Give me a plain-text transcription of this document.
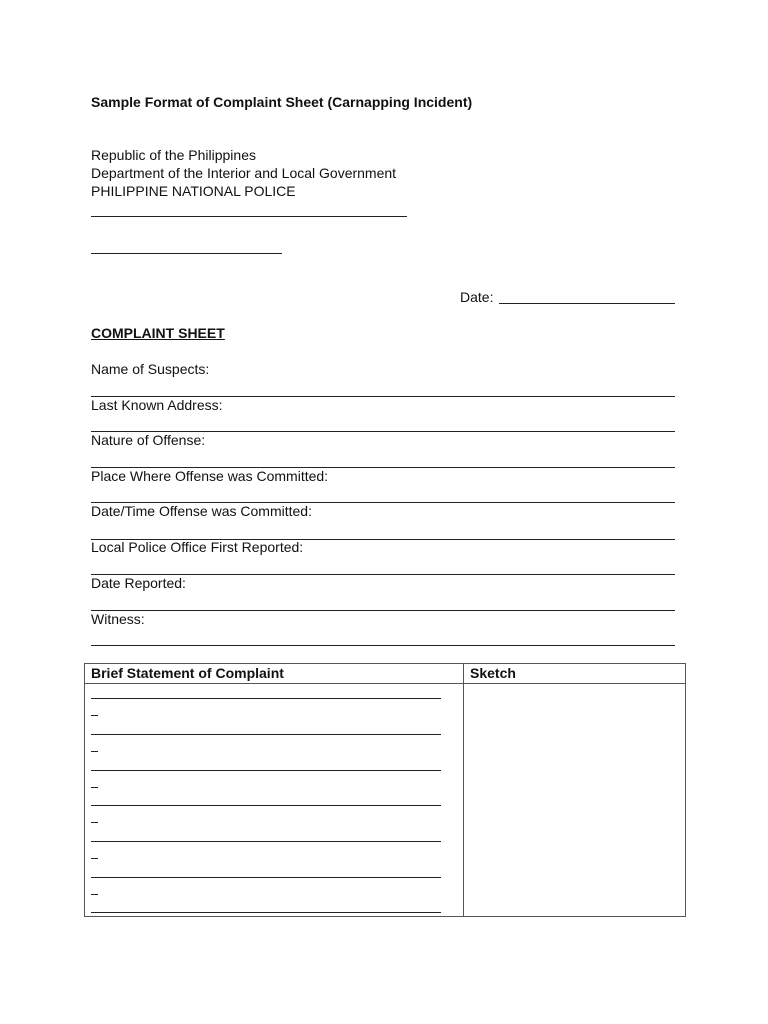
Sample Format of Complaint Sheet (Carnapping Incident)
Republic of the Philippines
Department of the Interior and Local Government
PHILIPPINE NATIONAL POLICE
Date:
COMPLAINT SHEET
Name of Suspects:
Last Known Address:
Nature of Offense:
Place Where Offense was Committed:
Date/Time Offense was Committed:
Local Police Office First Reported:
Date Reported:
Witness:
Brief Statement of Complaint	Sketch
